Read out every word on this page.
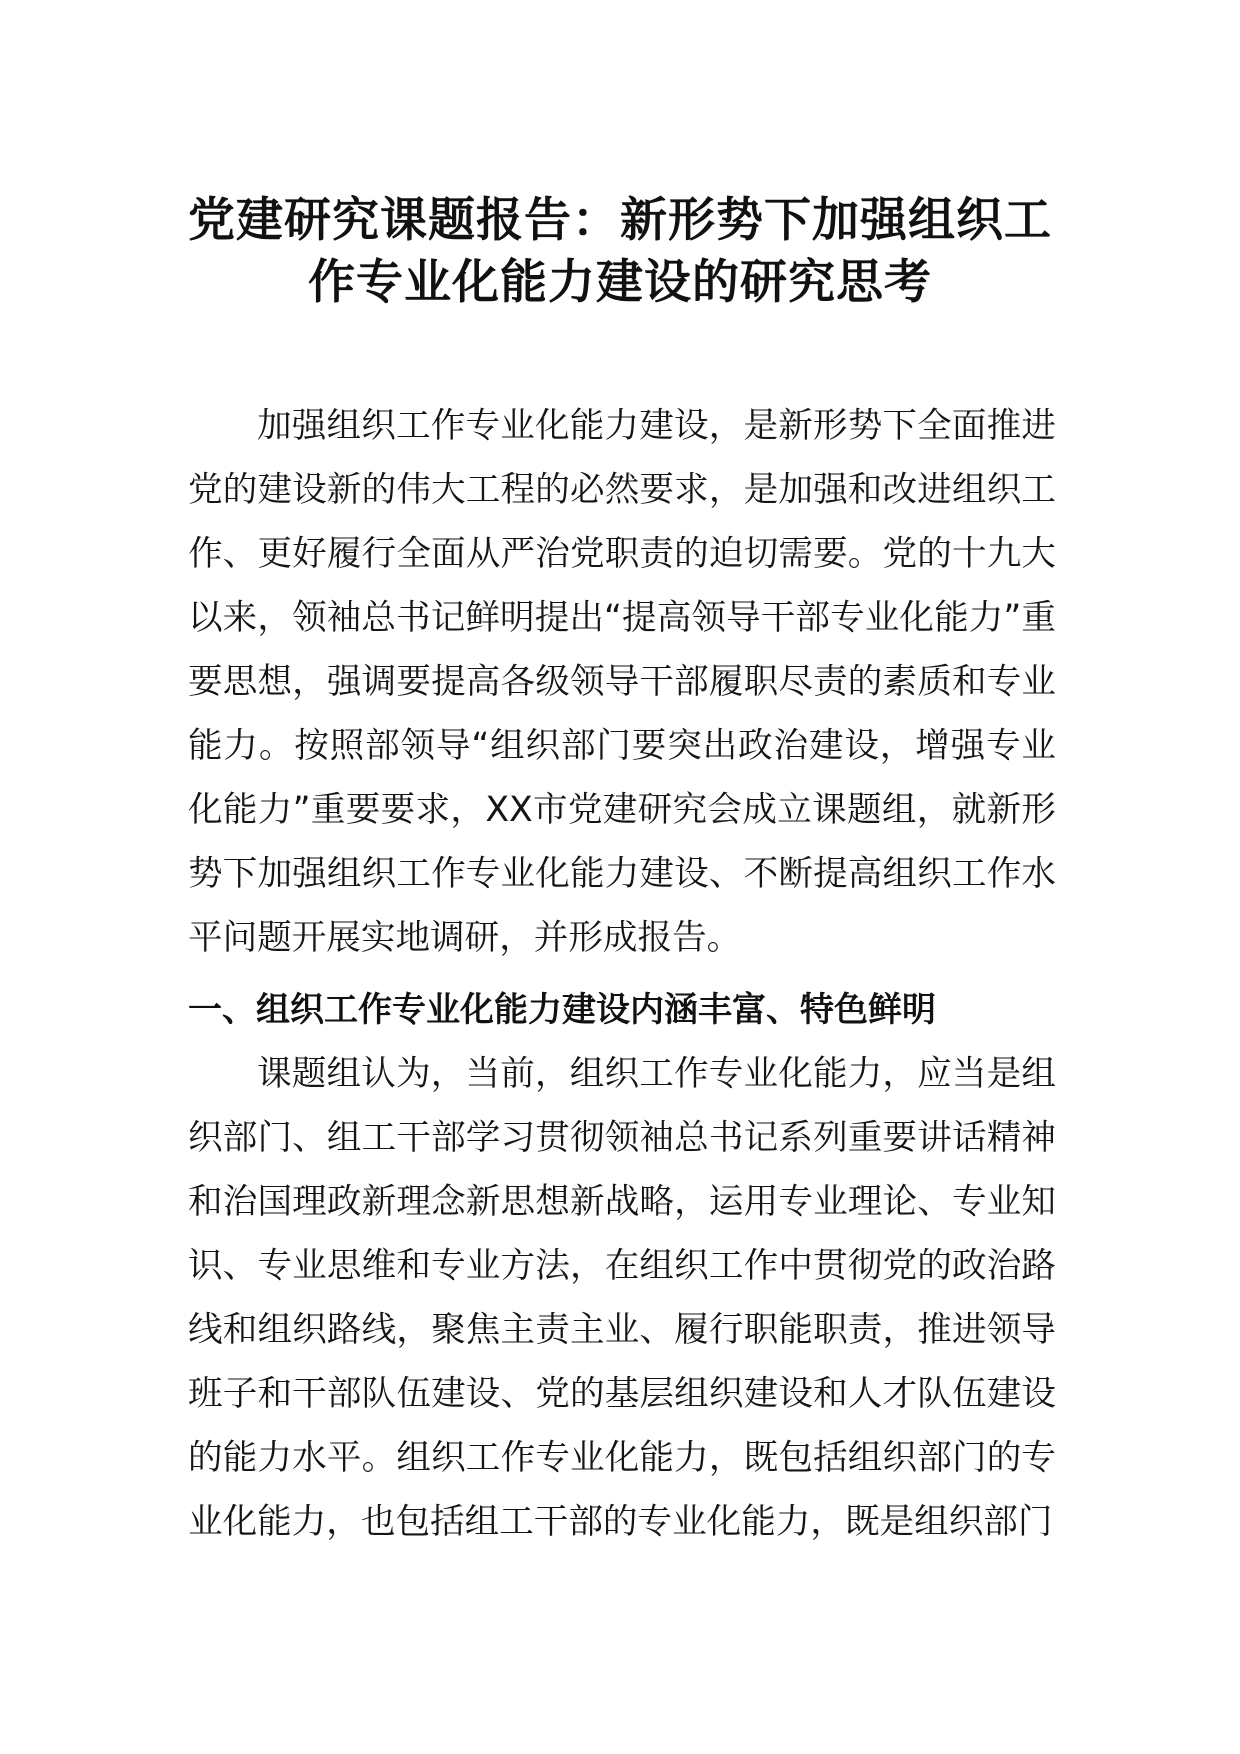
党建研究课题报告：新形势下加强组织工
作专业化能力建设的研究思考

加强组织工作专业化能力建设，是新形势下全面推进党的建设新的伟大工程的必然要求，是加强和改进组织工作、更好履行全面从严治党职责的迫切需要。党的十九大以来，领袖总书记鲜明提出“提高领导干部专业化能力”重要思想，强调要提高各级领导干部履职尽责的素质和专业能力。按照部领导“组织部门要突出政治建设，增强专业化能力”重要要求，XX市党建研究会成立课题组，就新形势下加强组织工作专业化能力建设、不断提高组织工作水平问题开展实地调研，并形成报告。

一、组织工作专业化能力建设内涵丰富、特色鲜明

课题组认为，当前，组织工作专业化能力，应当是组织部门、组工干部学习贯彻领袖总书记系列重要讲话精神和治国理政新理念新思想新战略，运用专业理论、专业知识、专业思维和专业方法，在组织工作中贯彻党的政治路线和组织路线，聚焦主责主业、履行职能职责，推进领导班子和干部队伍建设、党的基层组织建设和人才队伍建设的能力水平。组织工作专业化能力，既包括组织部门的专业化能力，也包括组工干部的专业化能力，既是组织部门
